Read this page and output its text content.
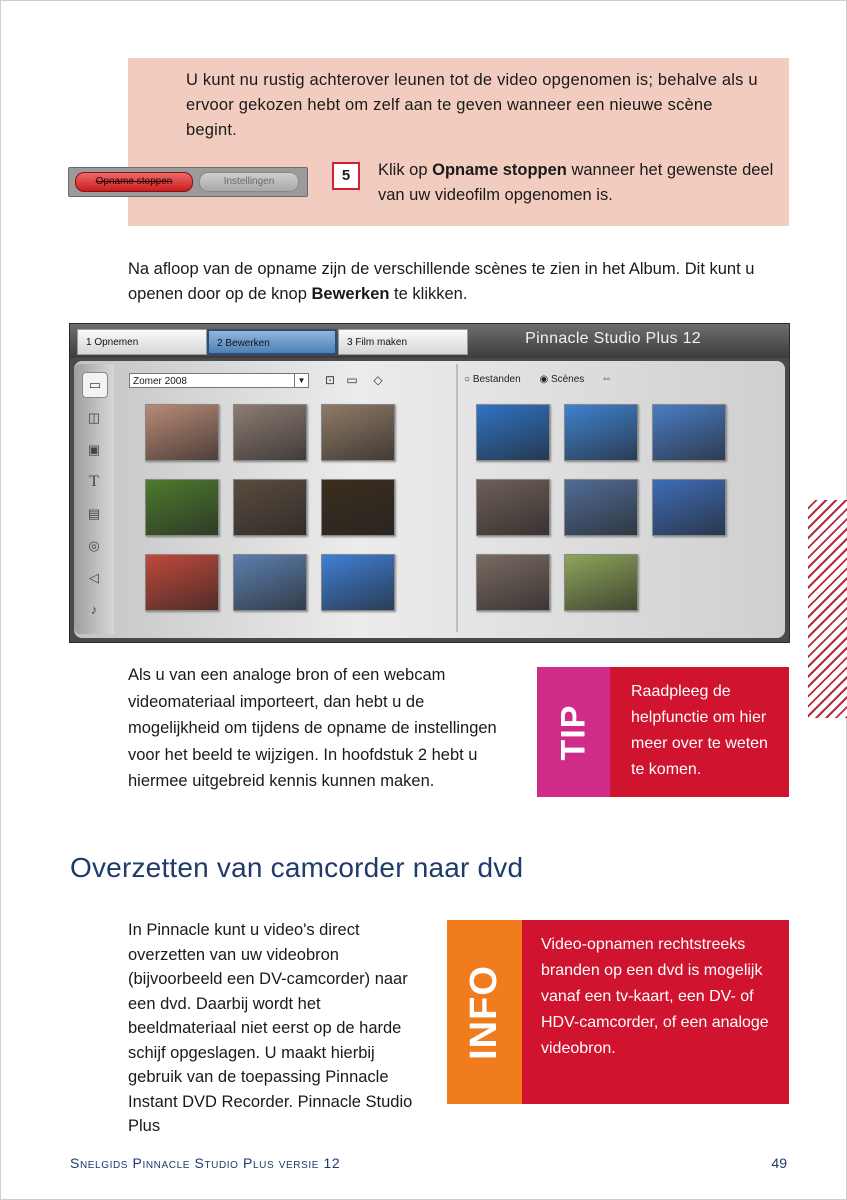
U kunt nu rustig achterover leunen tot de video opgenomen is; behalve als u ervoor gekozen hebt om zelf aan te geven wanneer een nieuwe scène begint.
5	Klik op Opname stoppen wanneer het gewenste deel van uw videofilm opgenomen is.
Opname stoppen	Instellingen
Na afloop van de opname zijn de verschillende scènes te zien in het Album. Dit kunt u openen door op de knop Bewerken te klikken.
1 Opnemen	2 Bewerken	3 Film maken	Pinnacle Studio Plus 12
▭
◫
▣
T
▤
◎
◁
♪
Zomer 2008	▼	⊡ ▭	◇	○ Bestanden ◉ Scènes ◦◦
Als u van een analoge bron of een webcam videomateriaal importeert, dan hebt u de mogelijkheid om tijdens de opname de instellingen voor het beeld te wijzigen. In hoofdstuk 2 hebt u hiermee uitgebreid kennis kunnen maken.
TIP
Raadpleeg de helpfunctie om hier meer over te weten te komen.
Overzetten van camcorder naar dvd
In Pinnacle kunt u video's direct overzetten van uw videobron (bijvoorbeeld een DV-camcorder) naar een dvd. Daarbij wordt het beeldmateriaal niet eerst op de harde schijf opgeslagen. U maakt hierbij gebruik van de toepassing Pinnacle Instant DVD Recorder. Pinnacle Studio Plus
INFO
Video-opnamen rechtstreeks branden op een dvd is mogelijk vanaf een tv-kaart, een DV- of HDV-camcorder, of een analoge videobron.
Snelgids Pinnacle Studio Plus versie 12	49
